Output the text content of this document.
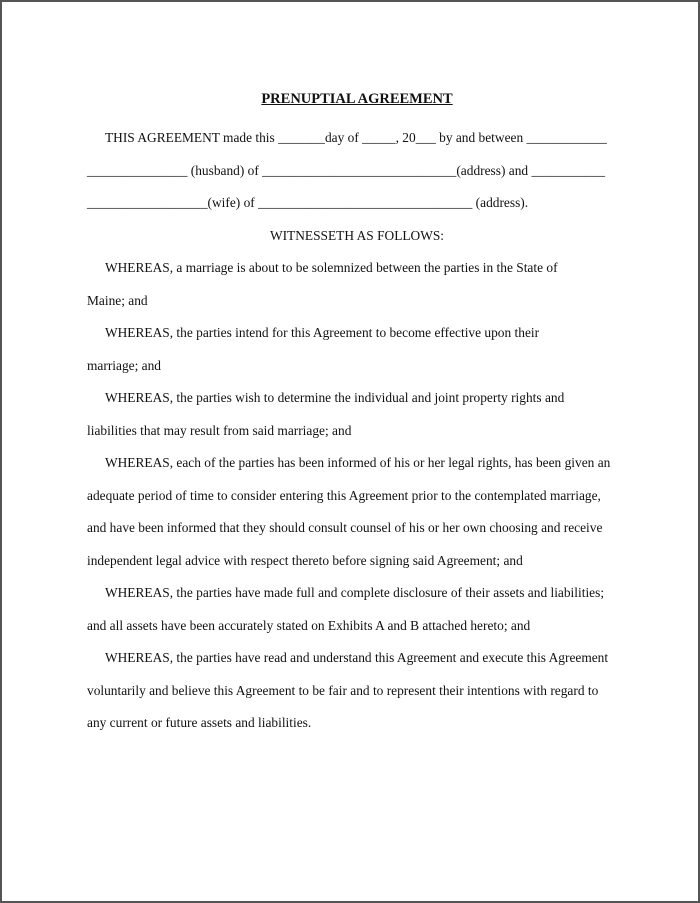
PRENUPTIAL AGREEMENT

THIS AGREEMENT made this _______day of _____, 20___ by and between ____________

_______________ (husband) of _____________________________(address) and ___________

__________________(wife) of ________________________________ (address).

WITNESSETH AS FOLLOWS:

WHEREAS, a marriage is about to be solemnized between the parties in the State of

Maine; and

WHEREAS, the parties intend for this Agreement to become effective upon their

marriage; and

WHEREAS, the parties wish to determine the individual and joint property rights and

liabilities that may result from said marriage; and

WHEREAS, each of the parties has been informed of his or her legal rights, has been given an

adequate period of time to consider entering this Agreement prior to the contemplated marriage,

and have been informed that they should consult counsel of his or her own choosing and receive

independent legal advice with respect thereto before signing said Agreement; and

WHEREAS, the parties have made full and complete disclosure of their assets and liabilities;

and all assets have been accurately stated on Exhibits A and B attached hereto; and

WHEREAS, the parties have read and understand this Agreement and execute this Agreement

voluntarily and believe this Agreement to be fair and to represent their intentions with regard to

any current or future assets and liabilities.
